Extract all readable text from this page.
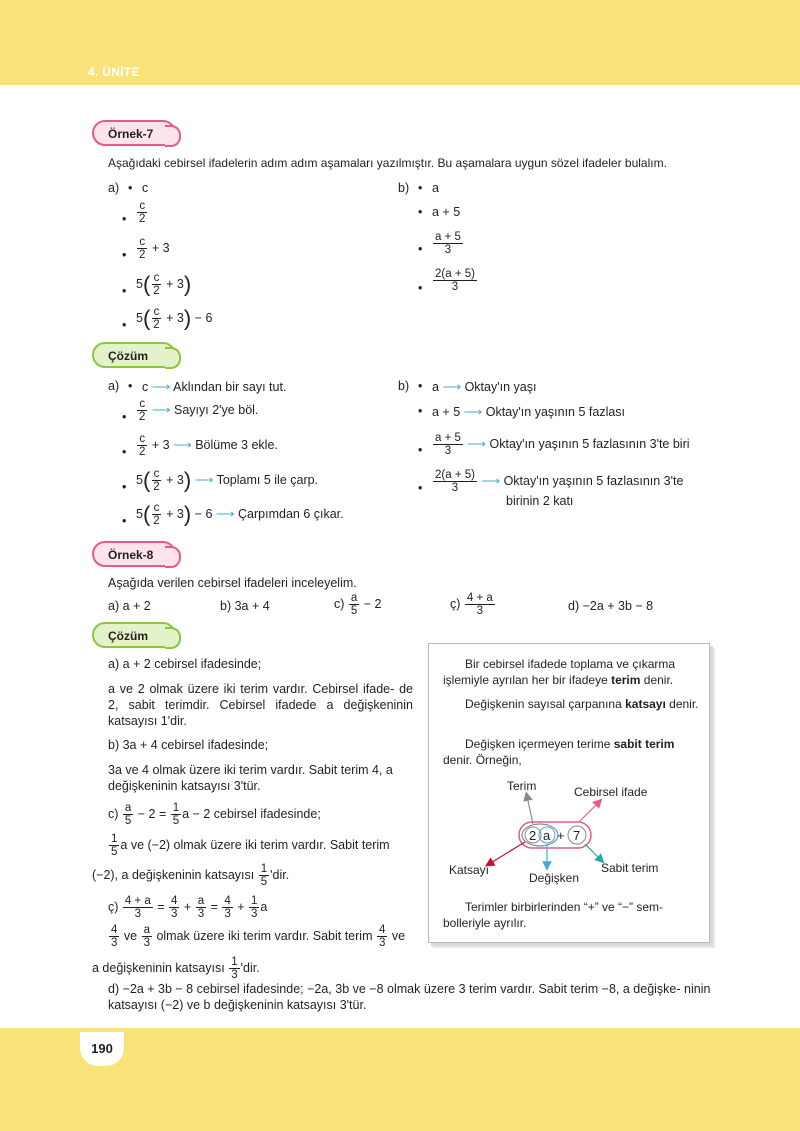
4. ÜNİTE
Örnek-7
Aşağıdaki cebirsel ifadelerin adım adım aşamaları yazılmıştır. Bu aşamalara uygun sözel ifadeler bulalım.
a) • c
• $\frac{c}{2}$
• $\frac{c}{2} + 3$
•
$5( \frac{c}{2} + 3)$
•
$5( \frac{c}{2} + 3) - 6$
b) • a
• a + 5
• $\frac{a + 5}{3}$
• $\frac{2(a + 5)}{3}$
Çözüm
a) • c ⟶ Aklından bir sayı tut.
• $\frac{c}{2}$ ⟶ Sayıyı 2'ye böl.
• $\frac{c}{2} + 3$ ⟶ Bölüme 3 ekle.
•
$5( \frac{c}{2} + 3)$ ⟶ Toplamı 5 ile çarp.
•
$5( \frac{c}{2} + 3) - 6$ ⟶ Çarpımdan 6 çıkar.
b) • a ⟶ Oktay'ın yaşı
• a + 5 ⟶ Oktay'ın yaşının 5 fazlası
• $\frac{a + 5}{3}$ ⟶ Oktay'ın yaşının 5 fazlasının 3'te biri
• $\frac{2(a + 5)}{3}$ ⟶ Oktay'ın yaşının 5 fazlasının 3'te
birinin 2 katı
Örnek-8
Aşağıda verilen cebirsel ifadeleri inceleyelim.
a) a + 2	b) 3a + 4	$c) \frac{a}{5} - 2$	ç) $\frac{4 + a}{3}$	d) −2a + 3b − 8
Çözüm
a) a + 2 cebirsel ifadesinde;
a ve 2 olmak üzere iki terim vardır. Cebirsel ifade- de 2, sabit terimdir. Cebirsel ifadede a değişkeninin katsayısı 1'dir.
b) 3a + 4 cebirsel ifadesinde;
3a ve 4 olmak üzere iki terim vardır. Sabit terim 4, a değişkeninin katsayısı 3'tür.
$c) \frac{a}{5} - 2 = \frac{1}{5}$ a − 2 cebirsel ifadesinde;
$\frac{1}{5}$ a ve (−2) olmak üzere iki terim vardır. Sabit terim
(−2), a değişkeninin katsayısı $\frac{1}{5}$ 'dir.
ç) $\frac{4 + a}{3} = \frac{4}{3} + \frac{a}{3} = \frac{4}{3} + \frac{1}{3}$ a
$\frac{4}{3}$ ve $\frac{a}{3}$ olmak üzere iki terim vardır. Sabit terim $\frac{4}{3}$ ve
a değişkeninin katsayısı $\frac{1}{3}$ 'dir.
d) −2a + 3b − 8 cebirsel ifadesinde; −2a, 3b ve −8 olmak üzere 3 terim vardır. Sabit terim −8, a değişke- ninin katsayısı (−2) ve b değişkeninin katsayısı 3'tür.
Bir cebirsel ifadede toplama ve çıkarma işlemiyle ayrılan her bir ifadeye terim denir.
Değişkenin sayısal çarpanına katsayı denir.
Değişken içermeyen terime sabit terim denir. Örneğin,
2 a + 7
Terim	Cebirsel ifade
Katsayı
Değişken
Sabit terim
Terimler birbirlerinden “+” ve “−” sem- bolleriyle ayrılır.
190
